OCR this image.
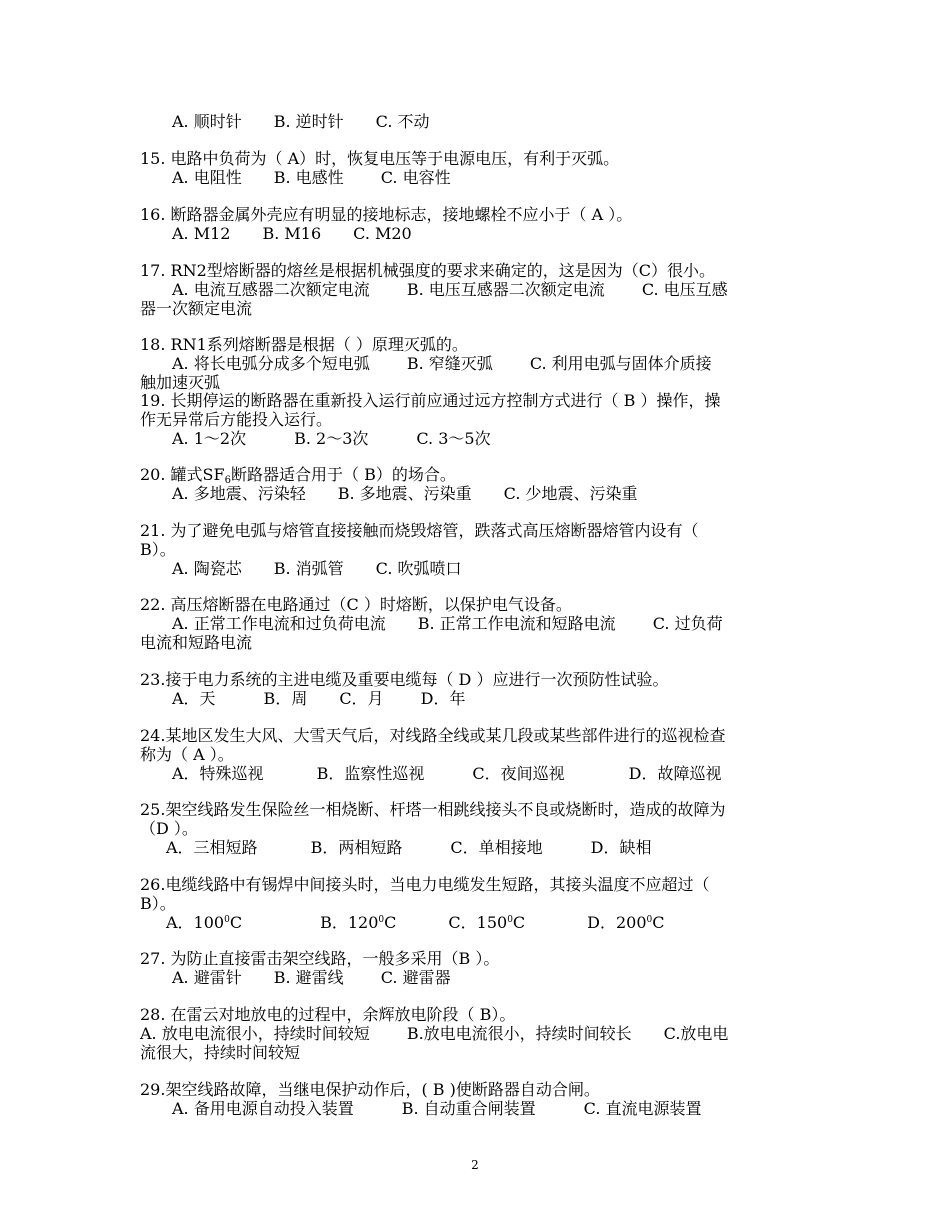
A. 顺时针　　B. 逆时针　　C. 不动
15. 电路中负荷为（ A）时，恢复电压等于电源电压，有利于灭弧。
A. 电阻性　　B. 电感性　　 C. 电容性
16. 断路器金属外壳应有明显的接地标志，接地螺栓不应小于（ A ）。
A. M12　　B. M16　　C. M20
17. RN2型熔断器的熔丝是根据机械强度的要求来确定的，这是因为（C）很小。
A. 电流互感器二次额定电流　　 B. 电压互感器二次额定电流　　 C. 电压互感
器一次额定电流
18. RN1系列熔断器是根据（ ）原理灭弧的。
A. 将长电弧分成多个短电弧　　 B. 窄缝灭弧　　 C. 利用电弧与固体介质接
触加速灭弧
19. 长期停运的断路器在重新投入运行前应通过远方控制方式进行（ B ）操作，操
作无异常后方能投入运行。
A. 1～2次　　　B. 2～3次　　　C. 3～5次
20. 罐式$SF_6$断路器适合用于（ B）的场合。
A. 多地震、污染轻　　B. 多地震、污染重　　C. 少地震、污染重
21. 为了避免电弧与熔管直接接触而烧毁熔管，跌落式高压熔断器熔管内设有（
B）。
A. 陶瓷芯　　B. 消弧管　　C. 吹弧喷口
22. 高压熔断器在电路通过（C ）时熔断，以保护电气设备。
A. 正常工作电流和过负荷电流　　B. 正常工作电流和短路电流　　 C. 过负荷
电流和短路电流
23.接于电力系统的主进电缆及重要电缆每（ D ）应进行一次预防性试验。
A．天　　　B．周　　C．月　　 D．年
24.某地区发生大风、大雪天气后，对线路全线或某几段或某些部件进行的巡视检查
称为（ A ）。
A．特殊巡视　　　 B．监察性巡视　　　C．夜间巡视　　　　D．故障巡视
25.架空线路发生保险丝一相烧断、杆塔一相跳线接头不良或烧断时，造成的故障为
（D ）。
A．三相短路　　　 B．两相短路　　　C．单相接地　　　D．缺相
26.电缆线路中有锡焊中间接头时，当电力电缆发生短路，其接头温度不应超过（
B）。
A．$100^0C$	B．$120^0C$	C．$150^0C$	D．$200^0C$
27. 为防止直接雷击架空线路，一般多采用（B ）。
A. 避雷针　　B. 避雷线　　 C. 避雷器
28. 在雷云对地放电的过程中，余辉放电阶段（ B）。
A. 放电电流很小，持续时间较短　　 B.放电电流很小，持续时间较长　　C.放电电
流很大，持续时间较短
29.架空线路故障，当继电保护动作后，( B )使断路器自动合闸。
A. 备用电源自动投入装置　　　B. 自动重合闸装置　　　C. 直流电源装置
2
